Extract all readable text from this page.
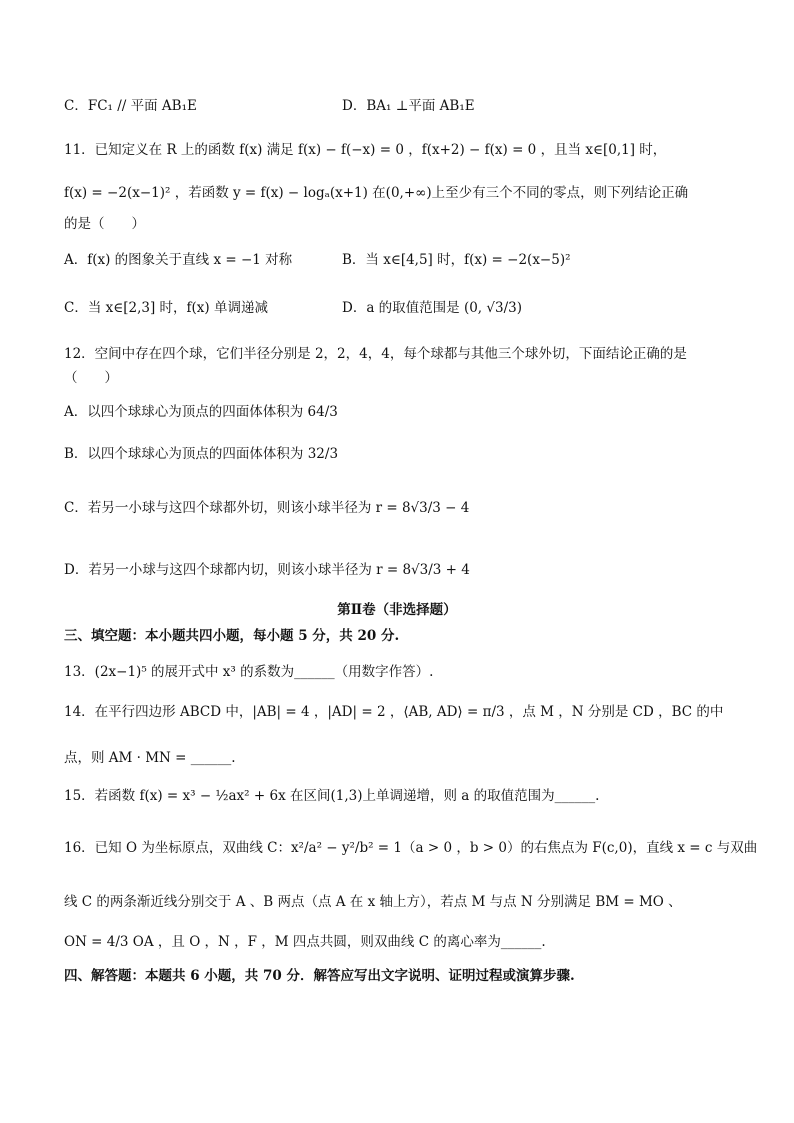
C．FC₁ // 平面 AB₁E	D．BA₁ ⊥平面 AB₁E
11．已知定义在 R 上的函数 f(x) 满足 f(x) − f(−x) = 0 ，f(x+2) − f(x) = 0 ，且当 x∈[0,1] 时，
f(x) = −2(x−1)² ，若函数 y = f(x) − logₐ(x+1) 在(0,+∞)上至少有三个不同的零点，则下列结论正确
的是（　　）
A．f(x) 的图象关于直线 x = −1 对称	B．当 x∈[4,5] 时，f(x) = −2(x−5)²
C．当 x∈[2,3] 时，f(x) 单调递减	D．a 的取值范围是 (0, √3/3)
12．空间中存在四个球，它们半径分别是 2，2，4，4，每个球都与其他三个球外切，下面结论正确的是
（　　）
A．以四个球球心为顶点的四面体体积为 64/3
B．以四个球球心为顶点的四面体体积为 32/3
C．若另一小球与这四个球都外切，则该小球半径为 r = 8√3/3 − 4
D．若另一小球与这四个球都内切，则该小球半径为 r = 8√3/3 + 4
第Ⅱ卷（非选择题）
三、填空题：本小题共四小题，每小题 5 分，共 20 分.
13．(2x−1)⁵ 的展开式中 x³ 的系数为______（用数字作答）.
14．在平行四边形 ABCD 中，|AB| = 4 ，|AD| = 2 ，⟨AB, AD⟩ = π/3 ，点 M ，N 分别是 CD ，BC 的中
点，则 AM · MN = ______.
15．若函数 f(x) = x³ − ½ax² + 6x 在区间(1,3)上单调递增，则 a 的取值范围为______.
16．已知 O 为坐标原点，双曲线 C：x²/a² − y²/b² = 1（a > 0 ，b > 0）的右焦点为 F(c,0)，直线 x = c 与双曲
线 C 的两条渐近线分别交于 A 、B 两点（点 A 在 x 轴上方），若点 M 与点 N 分别满足 BM = MO 、
ON = 4/3 OA ，且 O ，N ，F ，M 四点共圆，则双曲线 C 的离心率为______.
四、解答题：本题共 6 小题，共 70 分．解答应写出文字说明、证明过程或演算步骤.
